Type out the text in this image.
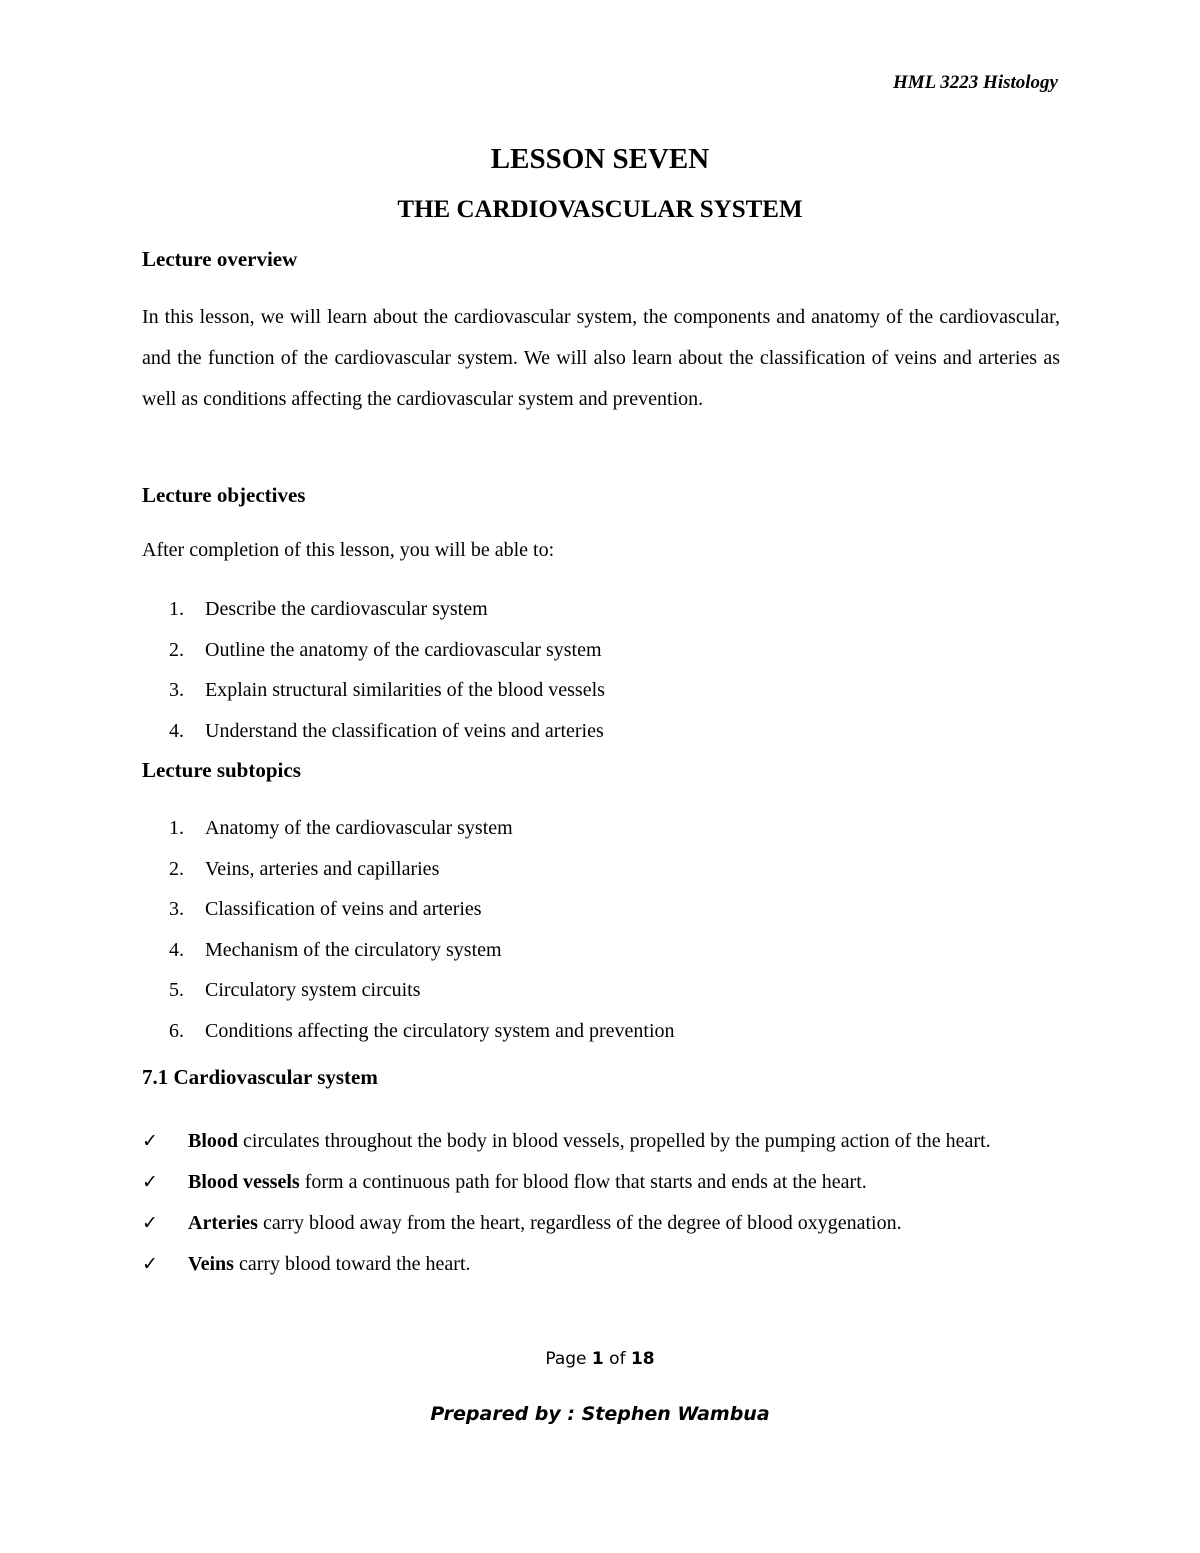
HML 3223 Histology
LESSON SEVEN
THE CARDIOVASCULAR SYSTEM
Lecture overview
In this lesson, we will learn about the cardiovascular system, the components and anatomy of the cardiovascular, and the function of the cardiovascular system. We will also learn about the classification of veins and arteries as well as conditions affecting the cardiovascular system and prevention.
Lecture objectives
After completion of this lesson, you will be able to:
1. Describe the cardiovascular system
2. Outline the anatomy of the cardiovascular system
3. Explain structural similarities of the blood vessels
4. Understand the classification of veins and arteries
Lecture subtopics
1. Anatomy of the cardiovascular system
2. Veins, arteries and capillaries
3. Classification of veins and arteries
4. Mechanism of the circulatory system
5. Circulatory system circuits
6. Conditions affecting the circulatory system and prevention
7.1 Cardiovascular system
✓ Blood circulates throughout the body in blood vessels, propelled by the pumping action of the heart.
✓ Blood vessels form a continuous path for blood flow that starts and ends at the heart.
✓ Arteries carry blood away from the heart, regardless of the degree of blood oxygenation.
✓ Veins carry blood toward the heart.
Page 1 of 18
Prepared by : Stephen Wambua
